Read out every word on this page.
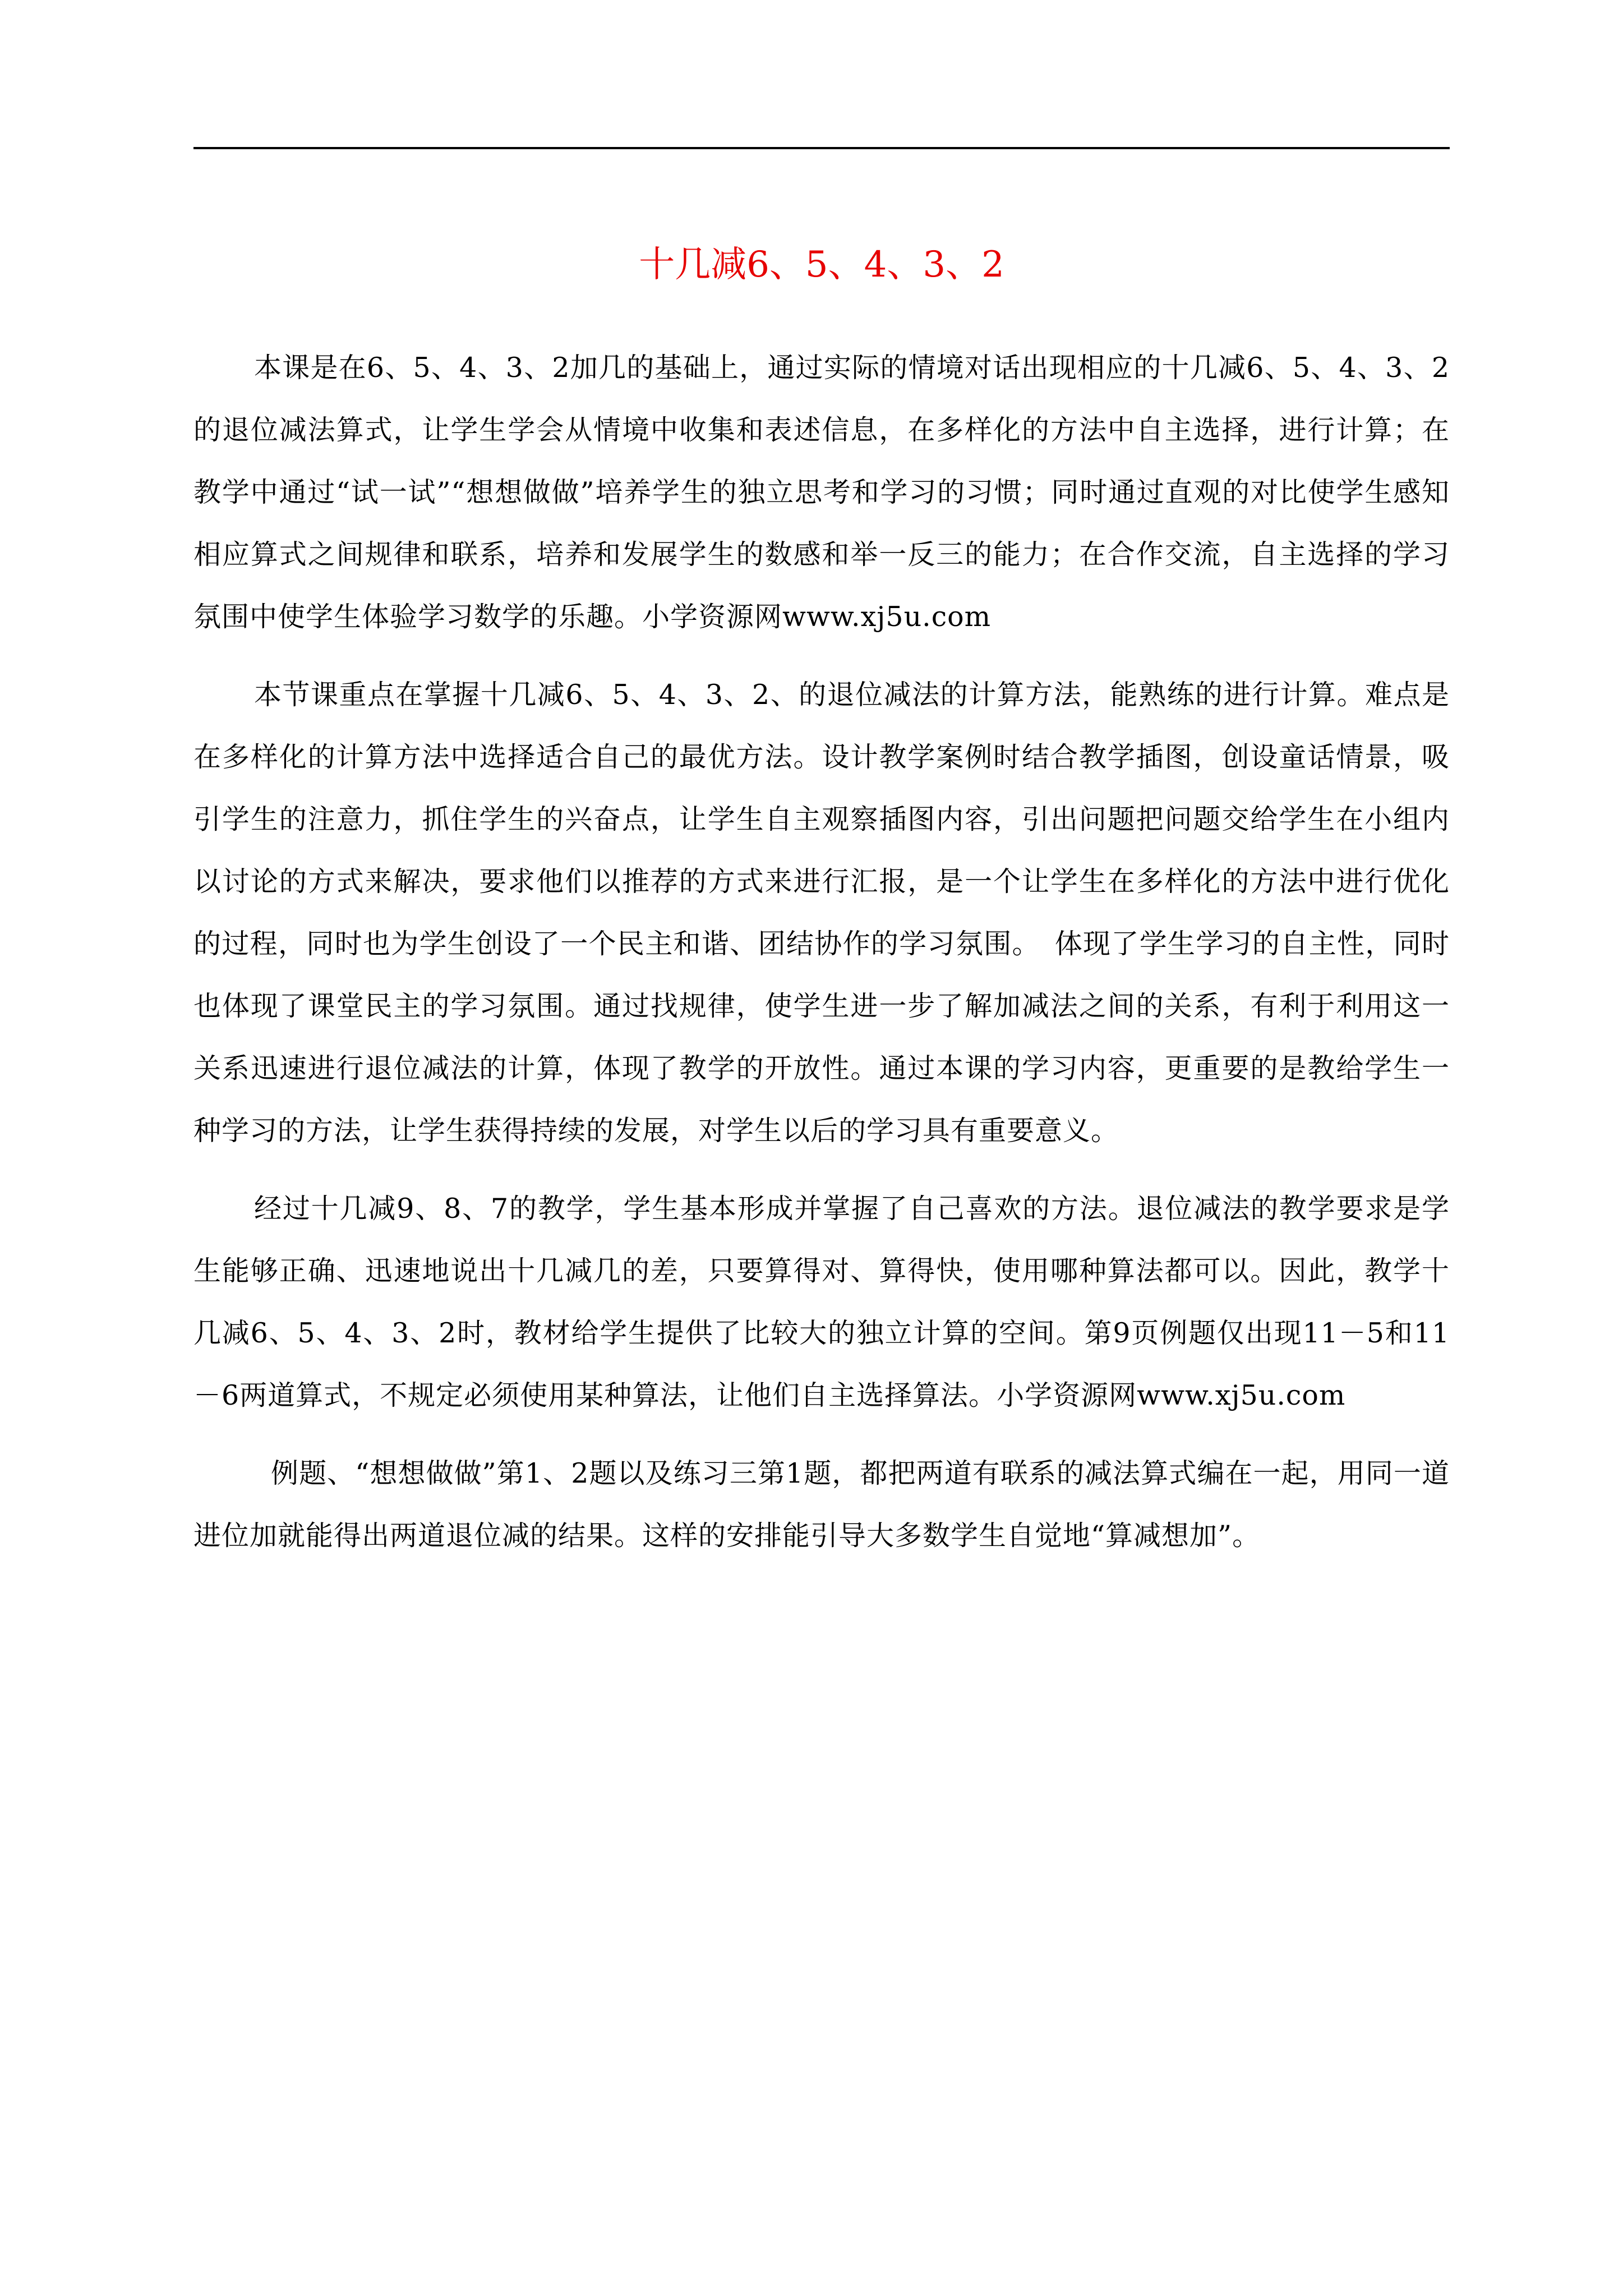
十几减6、5、4、3、2

本课是在6、5、4、3、2加几的基础上，通过实际的情境对话出现相应的十几减6、5、4、3、2的退位减法算式，让学生学会从情境中收集和表述信息，在多样化的方法中自主选择，进行计算；在教学中通过“试一试”“想想做做”培养学生的独立思考和学习的习惯；同时通过直观的对比使学生感知相应算式之间规律和联系，培养和发展学生的数感和举一反三的能力；在合作交流，自主选择的学习氛围中使学生体验学习数学的乐趣。小学资源网www.xj5u.com

本节课重点在掌握十几减6、5、4、3、2、的退位减法的计算方法，能熟练的进行计算。难点是在多样化的计算方法中选择适合自己的最优方法。设计教学案例时结合教学插图，创设童话情景，吸引学生的注意力，抓住学生的兴奋点，让学生自主观察插图内容，引出问题把问题交给学生在小组内以讨论的方式来解决，要求他们以推荐的方式来进行汇报，是一个让学生在多样化的方法中进行优化的过程，同时也为学生创设了一个民主和谐、团结协作的学习氛围。　体现了学生学习的自主性，同时也体现了课堂民主的学习氛围。通过找规律，使学生进一步了解加减法之间的关系，有利于利用这一关系迅速进行退位减法的计算，体现了教学的开放性。通过本课的学习内容，更重要的是教给学生一种学习的方法，让学生获得持续的发展，对学生以后的学习具有重要意义。

经过十几减9、8、7的教学，学生基本形成并掌握了自己喜欢的方法。退位减法的教学要求是学生能够正确、迅速地说出十几减几的差，只要算得对、算得快，使用哪种算法都可以。因此，教学十几减6、5、4、3、2时，教材给学生提供了比较大的独立计算的空间。第9页例题仅出现11－5和11－6两道算式，不规定必须使用某种算法，让他们自主选择算法。小学资源网www.xj5u.com

例题、“想想做做”第1、2题以及练习三第1题，都把两道有联系的减法算式编在一起，用同一道进位加就能得出两道退位减的结果。这样的安排能引导大多数学生自觉地“算减想加”。
